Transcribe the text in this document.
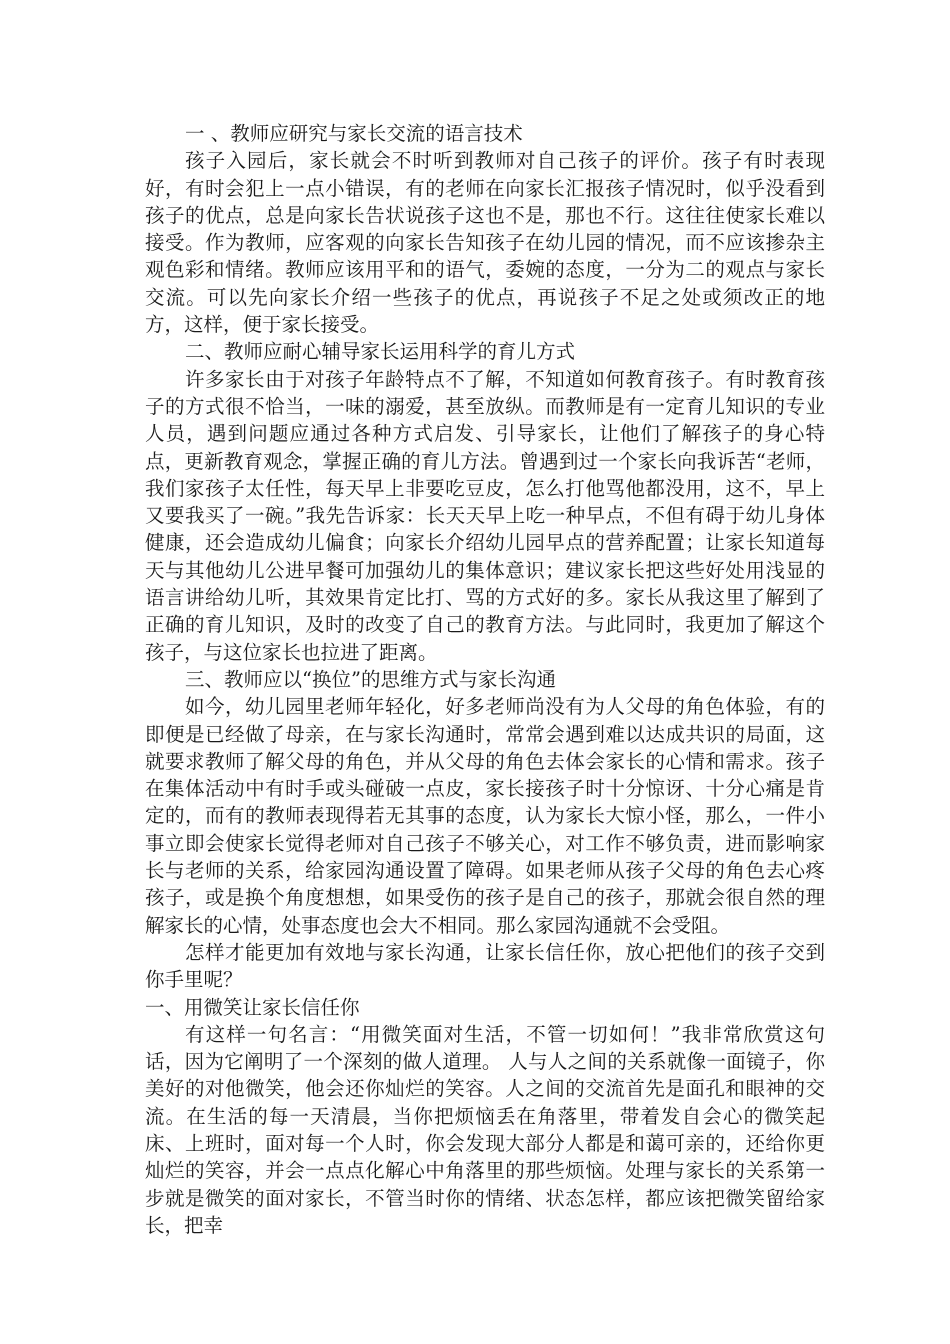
一 、教师应研究与家长交流的语言技术

孩子入园后，家长就会不时听到教师对自己孩子的评价。孩子有时表现好，有时会犯上一点小错误，有的老师在向家长汇报孩子情况时，似乎没看到孩子的优点，总是向家长告状说孩子这也不是，那也不行。这往往使家长难以接受。作为教师，应客观的向家长告知孩子在幼儿园的情况，而不应该掺杂主观色彩和情绪。教师应该用平和的语气，委婉的态度，一分为二的观点与家长交流。可以先向家长介绍一些孩子的优点，再说孩子不足之处或须改正的地方，这样，便于家长接受。

二、教师应耐心辅导家长运用科学的育儿方式

许多家长由于对孩子年龄特点不了解，不知道如何教育孩子。有时教育孩子的方式很不恰当，一味的溺爱，甚至放纵。而教师是有一定育儿知识的专业人员，遇到问题应通过各种方式启发、引导家长，让他们了解孩子的身心特点，更新教育观念，掌握正确的育儿方法。曾遇到过一个家长向我诉苦“老师，我们家孩子太任性，每天早上非要吃豆皮，怎么打他骂他都没用，这不，早上又要我买了一碗。”我先告诉家：长天天早上吃一种早点，不但有碍于幼儿身体健康，还会造成幼儿偏食；向家长介绍幼儿园早点的营养配置；让家长知道每天与其他幼儿公进早餐可加强幼儿的集体意识；建议家长把这些好处用浅显的语言讲给幼儿听，其效果肯定比打、骂的方式好的多。家长从我这里了解到了正确的育儿知识，及时的改变了自己的教育方法。与此同时，我更加了解这个孩子，与这位家长也拉进了距离。

三、教师应以“换位”的思维方式与家长沟通

如今，幼儿园里老师年轻化，好多老师尚没有为人父母的角色体验，有的即便是已经做了母亲，在与家长沟通时，常常会遇到难以达成共识的局面，这就要求教师了解父母的角色，并从父母的角色去体会家长的心情和需求。孩子在集体活动中有时手或头碰破一点皮，家长接孩子时十分惊讶、十分心痛是肯定的，而有的教师表现得若无其事的态度，认为家长大惊小怪，那么，一件小事立即会使家长觉得老师对自己孩子不够关心，对工作不够负责，进而影响家长与老师的关系，给家园沟通设置了障碍。如果老师从孩子父母的角色去心疼孩子，或是换个角度想想，如果受伤的孩子是自己的孩子，那就会很自然的理解家长的心情，处事态度也会大不相同。那么家园沟通就不会受阻。

怎样才能更加有效地与家长沟通，让家长信任你，放心把他们的孩子交到你手里呢？

一、用微笑让家长信任你

有这样一句名言：“用微笑面对生活，不管一切如何！”我非常欣赏这句话，因为它阐明了一个深刻的做人道理。 人与人之间的关系就像一面镜子，你美好的对他微笑，他会还你灿烂的笑容。人之间的交流首先是面孔和眼神的交流。在生活的每一天清晨，当你把烦恼丢在角落里，带着发自会心的微笑起床、上班时，面对每一个人时，你会发现大部分人都是和蔼可亲的，还给你更灿烂的笑容，并会一点点化解心中角落里的那些烦恼。处理与家长的关系第一步就是微笑的面对家长，不管当时你的情绪、状态怎样，都应该把微笑留给家长，把幸
